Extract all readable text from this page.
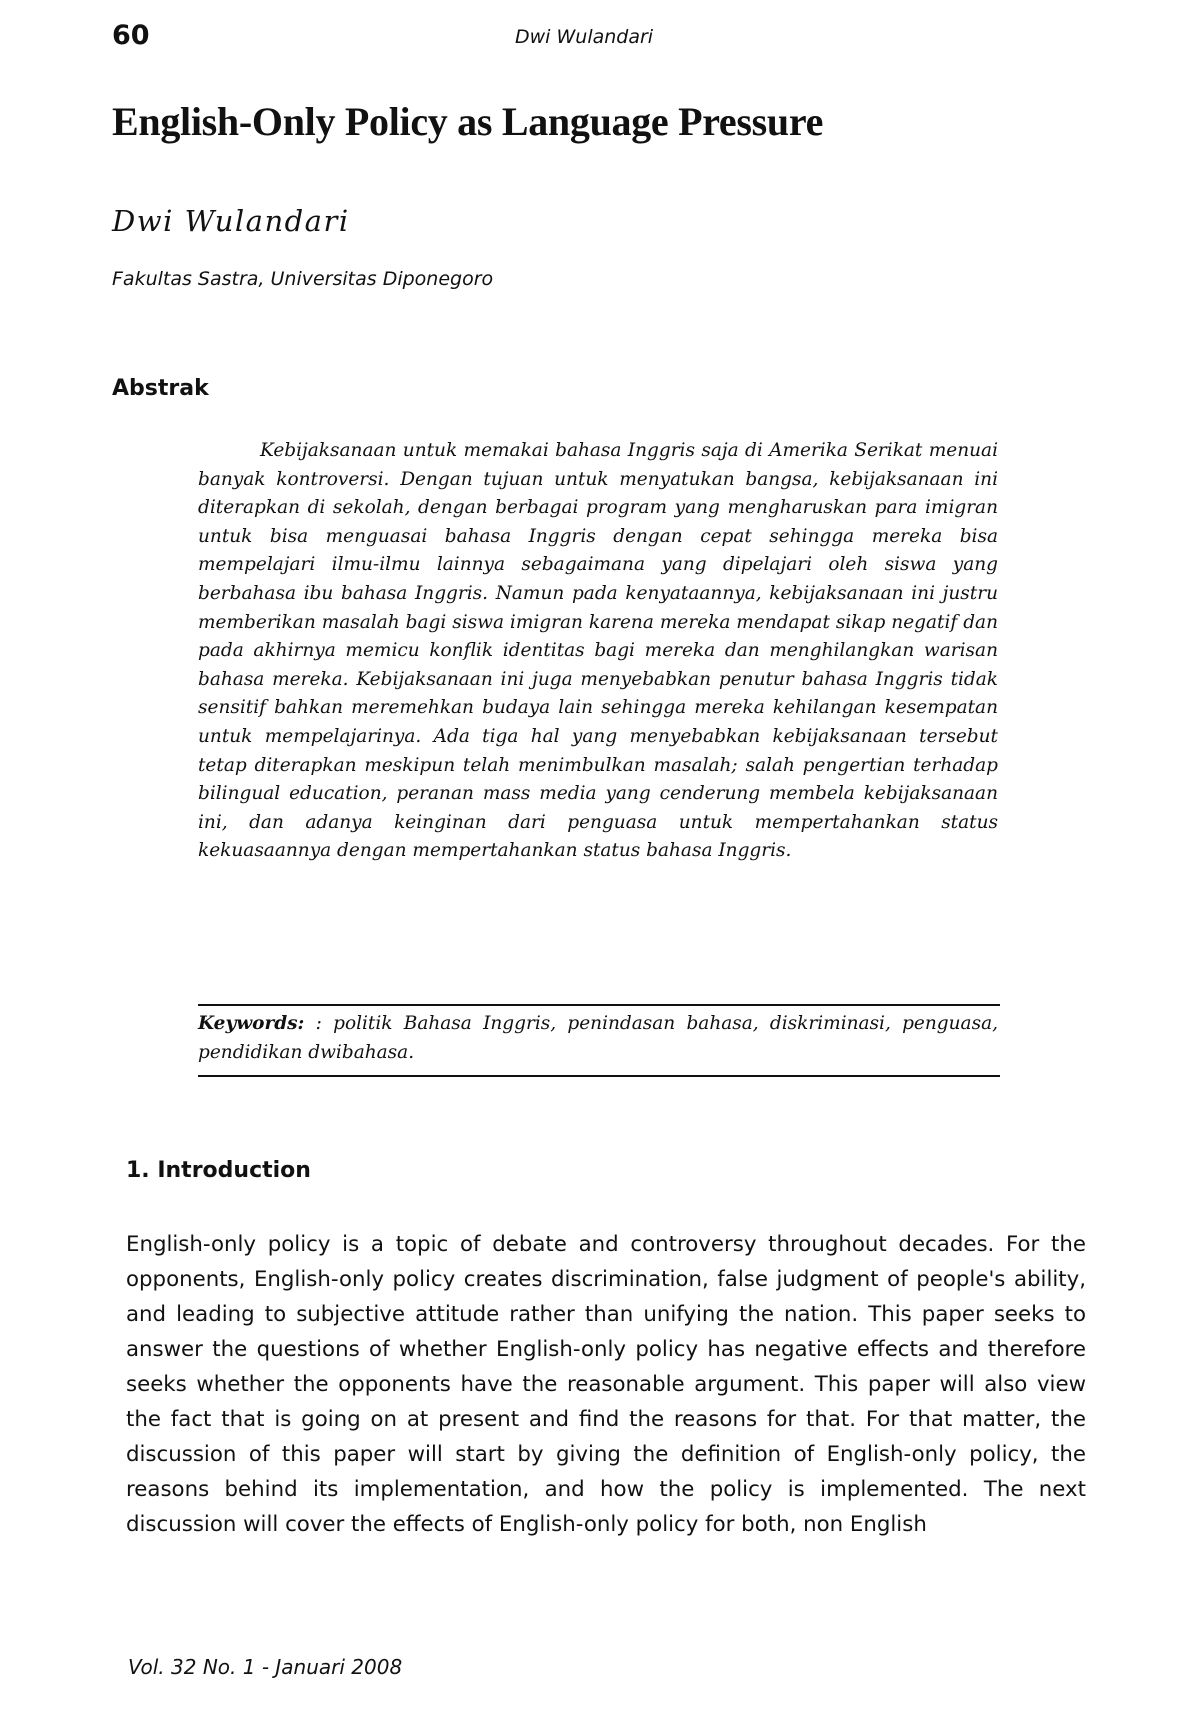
60	Dwi Wulandari
English-Only Policy as Language Pressure
Dwi Wulandari
Fakultas Sastra, Universitas Diponegoro
Abstrak

Kebijaksanaan untuk memakai bahasa Inggris saja di Amerika Serikat menuai banyak kontroversi. Dengan tujuan untuk menyatukan bangsa, kebijaksanaan ini diterapkan di sekolah, dengan berbagai program yang mengharuskan para imigran untuk bisa menguasai bahasa Inggris dengan cepat sehingga mereka bisa mempelajari ilmu-ilmu lainnya sebagaimana yang dipelajari oleh siswa yang berbahasa ibu bahasa Inggris. Namun pada kenyataannya, kebijaksanaan ini justru memberikan masalah bagi siswa imigran karena mereka mendapat sikap negatif dan pada akhirnya memicu konflik identitas bagi mereka dan menghilangkan warisan bahasa mereka. Kebijaksanaan ini juga menyebabkan penutur bahasa Inggris tidak sensitif bahkan meremehkan budaya lain sehingga mereka kehilangan kesempatan untuk mempelajarinya. Ada tiga hal yang menyebabkan kebijaksanaan tersebut tetap diterapkan meskipun telah menimbulkan masalah; salah pengertian terhadap bilingual education, peranan mass media yang cenderung membela kebijaksanaan ini, dan adanya keinginan dari penguasa untuk mempertahankan status kekuasaannya dengan mempertahankan status bahasa Inggris.

Keywords: : politik Bahasa Inggris, penindasan bahasa, diskriminasi, penguasa, pendidikan dwibahasa.

1. Introduction

English-only policy is a topic of debate and controversy throughout decades. For the opponents, English-only policy creates discrimination, false judgment of people's ability, and leading to subjective attitude rather than unifying the nation. This paper seeks to answer the questions of whether English-only policy has negative effects and therefore seeks whether the opponents have the reasonable argument. This paper will also view the fact that is going on at present and find the reasons for that. For that matter, the discussion of this paper will start by giving the definition of English-only policy, the reasons behind its implementation, and how the policy is implemented. The next discussion will cover the effects of English-only policy for both, non English

Vol. 32 No. 1 - Januari 2008
